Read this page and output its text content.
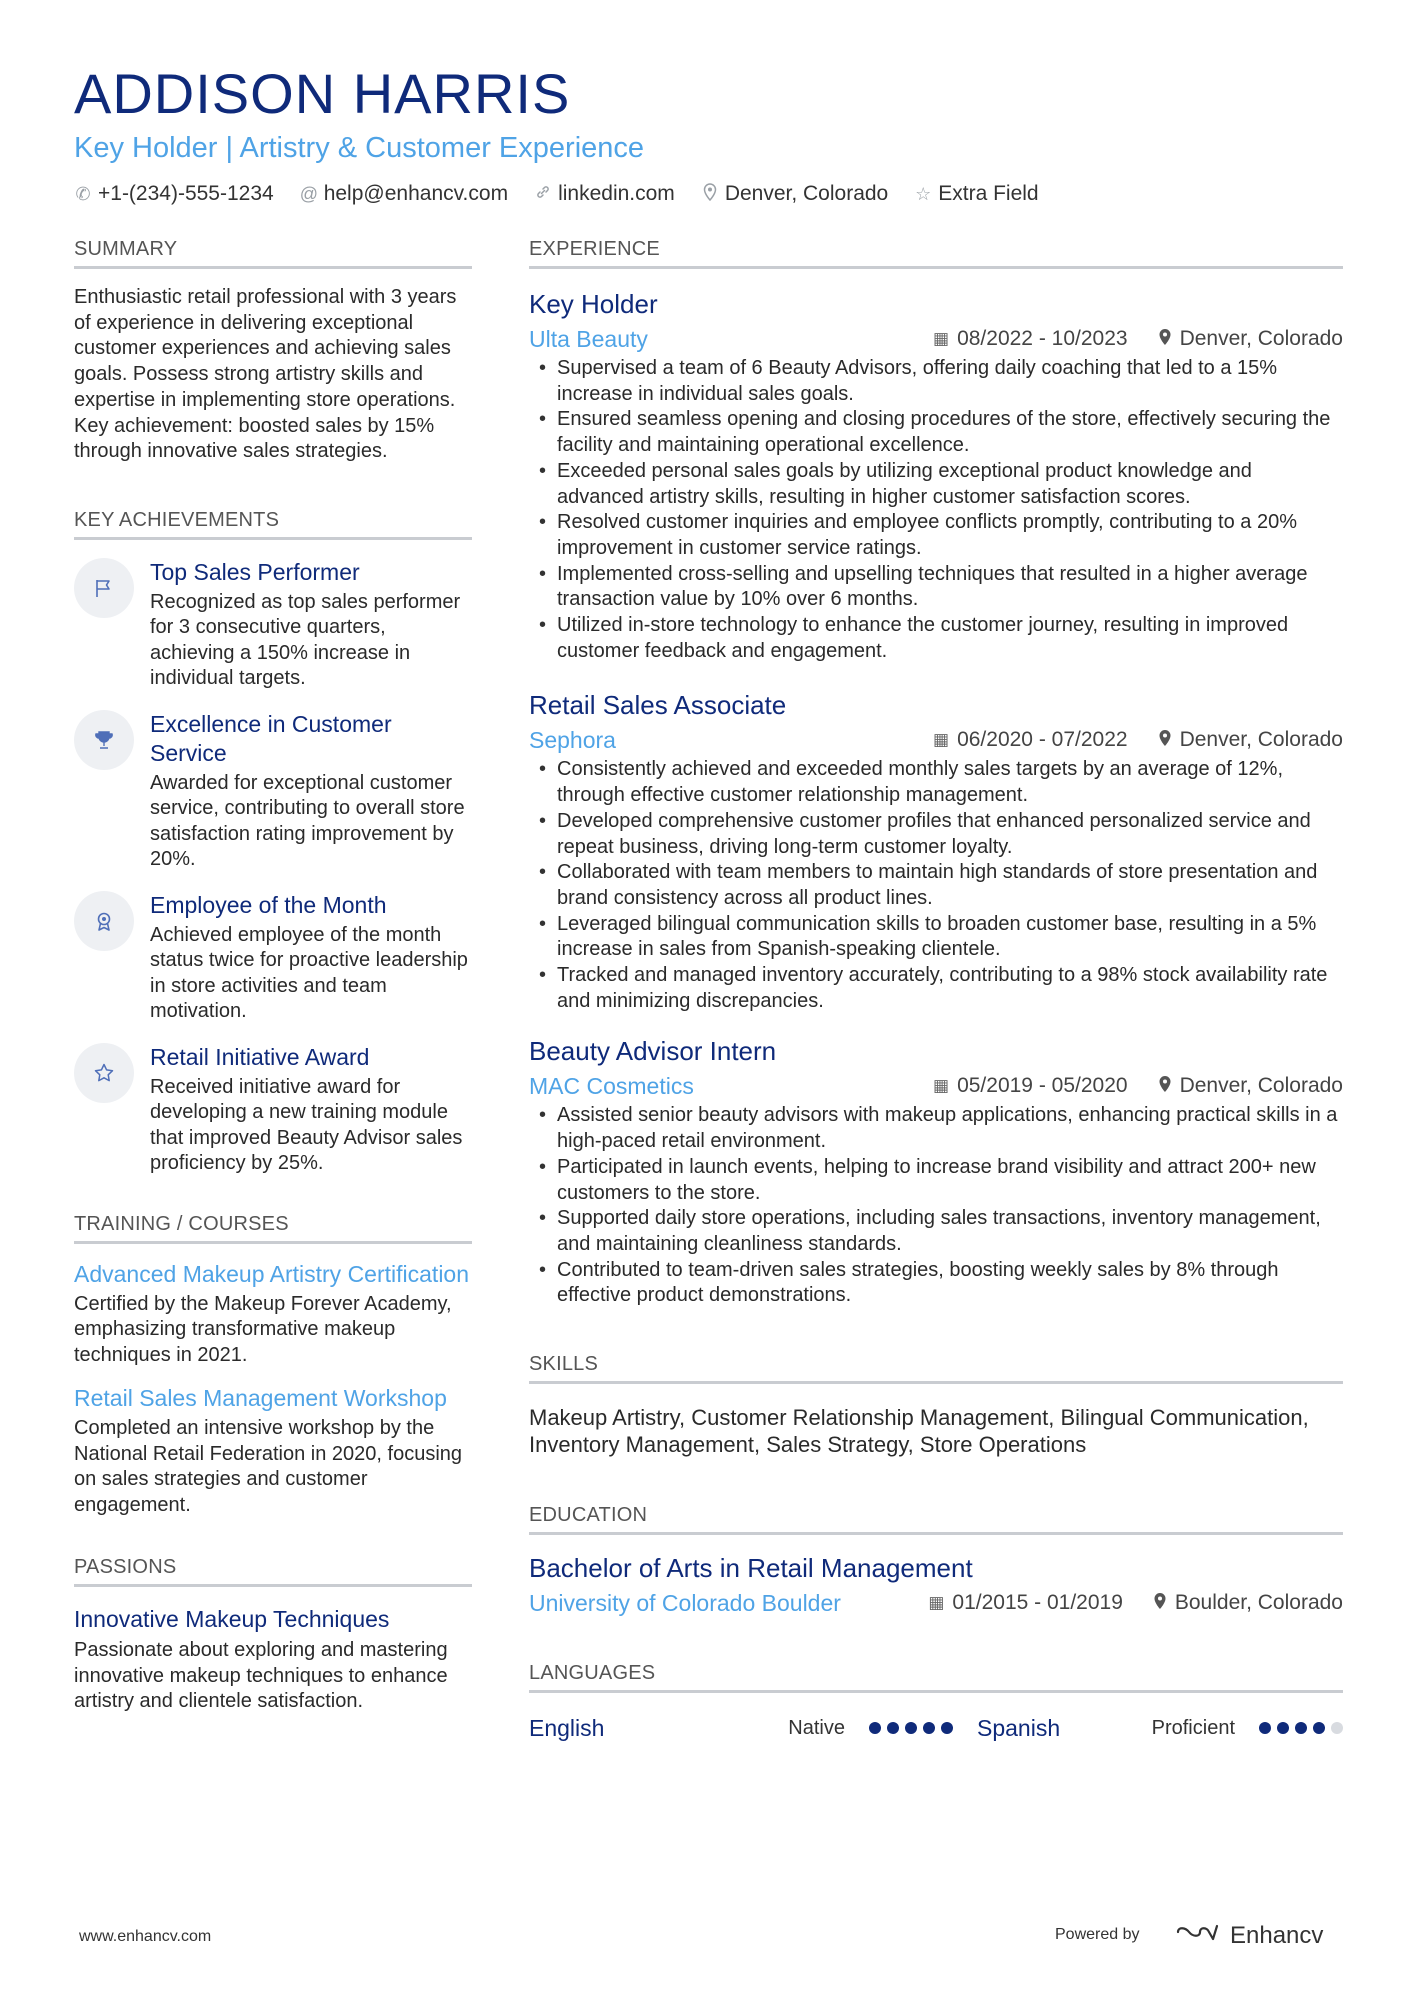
ADDISON HARRIS
Key Holder | Artistry & Customer Experience
✆ +1-(234)-555-1234 @ help@enhancv.com linkedin.com Denver, Colorado ☆ Extra Field
SUMMARY
Enthusiastic retail professional with 3 years of experience in delivering exceptional customer experiences and achieving sales goals. Possess strong artistry skills and expertise in implementing store operations. Key achievement: boosted sales by 15% through innovative sales strategies.
KEY ACHIEVEMENTS
Top Sales Performer
Recognized as top sales performer for 3 consecutive quarters, achieving a 150% increase in individual targets.
Excellence in Customer Service
Awarded for exceptional customer service, contributing to overall store satisfaction rating improvement by 20%.
Employee of the Month
Achieved employee of the month status twice for proactive leadership in store activities and team motivation.
Retail Initiative Award
Received initiative award for developing a new training module that improved Beauty Advisor sales proficiency by 25%.
TRAINING / COURSES
Advanced Makeup Artistry Certification
Certified by the Makeup Forever Academy, emphasizing transformative makeup techniques in 2021.
Retail Sales Management Workshop
Completed an intensive workshop by the National Retail Federation in 2020, focusing on sales strategies and customer engagement.
PASSIONS
Innovative Makeup Techniques
Passionate about exploring and mastering innovative makeup techniques to enhance artistry and clientele satisfaction.
EXPERIENCE
Key Holder
Ulta Beauty	▦ 08/2022 - 10/2023 Denver, Colorado
• Supervised a team of 6 Beauty Advisors, offering daily coaching that led to a 15% increase in individual sales goals.
• Ensured seamless opening and closing procedures of the store, effectively securing the facility and maintaining operational excellence.
• Exceeded personal sales goals by utilizing exceptional product knowledge and advanced artistry skills, resulting in higher customer satisfaction scores.
• Resolved customer inquiries and employee conflicts promptly, contributing to a 20% improvement in customer service ratings.
• Implemented cross-selling and upselling techniques that resulted in a higher average transaction value by 10% over 6 months.
• Utilized in-store technology to enhance the customer journey, resulting in improved customer feedback and engagement.
Retail Sales Associate
Sephora	▦ 06/2020 - 07/2022 Denver, Colorado
• Consistently achieved and exceeded monthly sales targets by an average of 12%, through effective customer relationship management.
• Developed comprehensive customer profiles that enhanced personalized service and repeat business, driving long-term customer loyalty.
• Collaborated with team members to maintain high standards of store presentation and brand consistency across all product lines.
• Leveraged bilingual communication skills to broaden customer base, resulting in a 5% increase in sales from Spanish-speaking clientele.
• Tracked and managed inventory accurately, contributing to a 98% stock availability rate and minimizing discrepancies.
Beauty Advisor Intern
MAC Cosmetics	▦ 05/2019 - 05/2020 Denver, Colorado
• Assisted senior beauty advisors with makeup applications, enhancing practical skills in a high-paced retail environment.
• Participated in launch events, helping to increase brand visibility and attract 200+ new customers to the store.
• Supported daily store operations, including sales transactions, inventory management, and maintaining cleanliness standards.
• Contributed to team-driven sales strategies, boosting weekly sales by 8% through effective product demonstrations.
SKILLS
Makeup Artistry, Customer Relationship Management, Bilingual Communication, Inventory Management, Sales Strategy, Store Operations
EDUCATION
Bachelor of Arts in Retail Management
University of Colorado Boulder	▦ 01/2015 - 01/2019 Boulder, Colorado
LANGUAGES
English	Native	Spanish	Proficient
www.enhancv.com	Powered by	Enhancv
